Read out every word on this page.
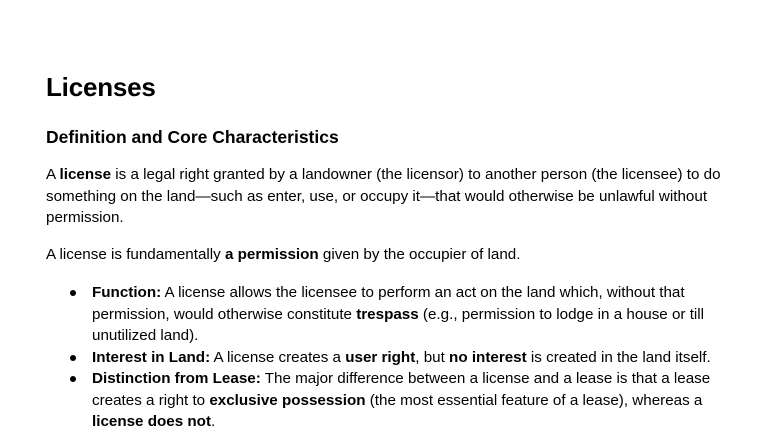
Licenses
Definition and Core Characteristics

A license is a legal right granted by a landowner (the licensor) to another person (the licensee) to do something on the land—such as enter, use, or occupy it—that would otherwise be unlawful without permission.

A license is fundamentally a permission given by the occupier of land.

Function: A license allows the licensee to perform an act on the land which, without that permission, would otherwise constitute trespass (e.g., permission to lodge in a house or till unutilized land).
Interest in Land: A license creates a user right, but no interest is created in the land itself.
Distinction from Lease: The major difference between a license and a lease is that a lease creates a right to exclusive possession (the most essential feature of a lease), whereas a license does not.
